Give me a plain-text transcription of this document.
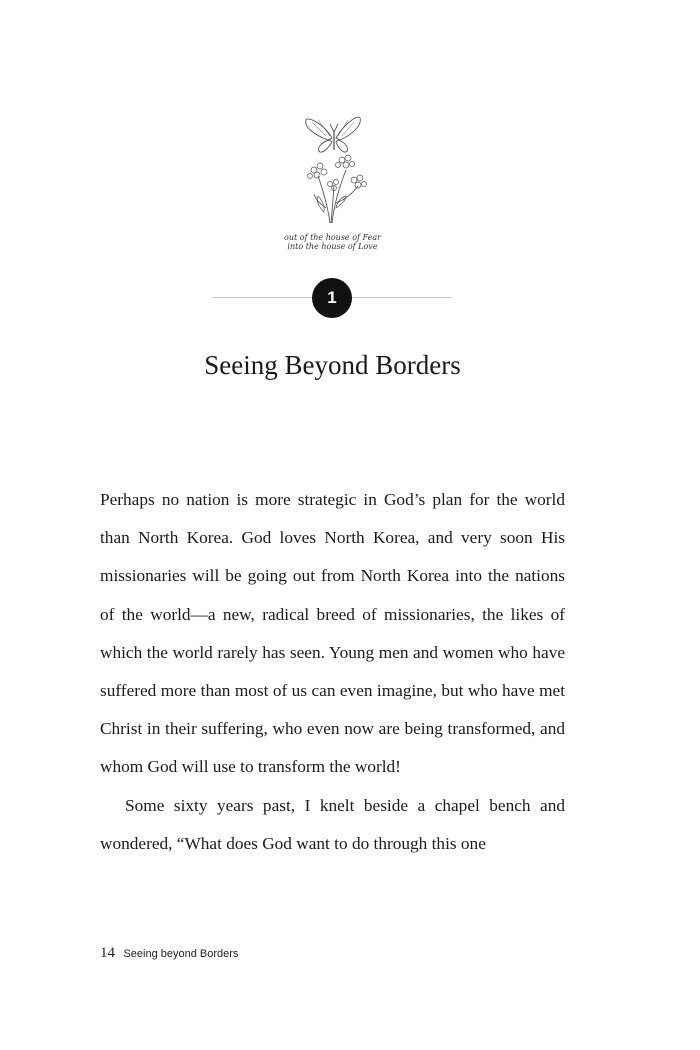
out of the house of Fear
into the house of Love
1
Seeing Beyond Borders

Perhaps no nation is more strategic in God’s plan for the world than North Korea. God loves North Korea, and very soon His missionaries will be going out from North Korea into the nations of the world—a new, radical breed of missionaries, the likes of which the world rarely has seen. Young men and women who have suffered more than most of us can even imagine, but who have met Christ in their suffering, who even now are being transformed, and whom God will use to transform the world!

Some sixty years past, I knelt beside a chapel bench and wondered, “What does God want to do through this one

14 Seeing beyond Borders
